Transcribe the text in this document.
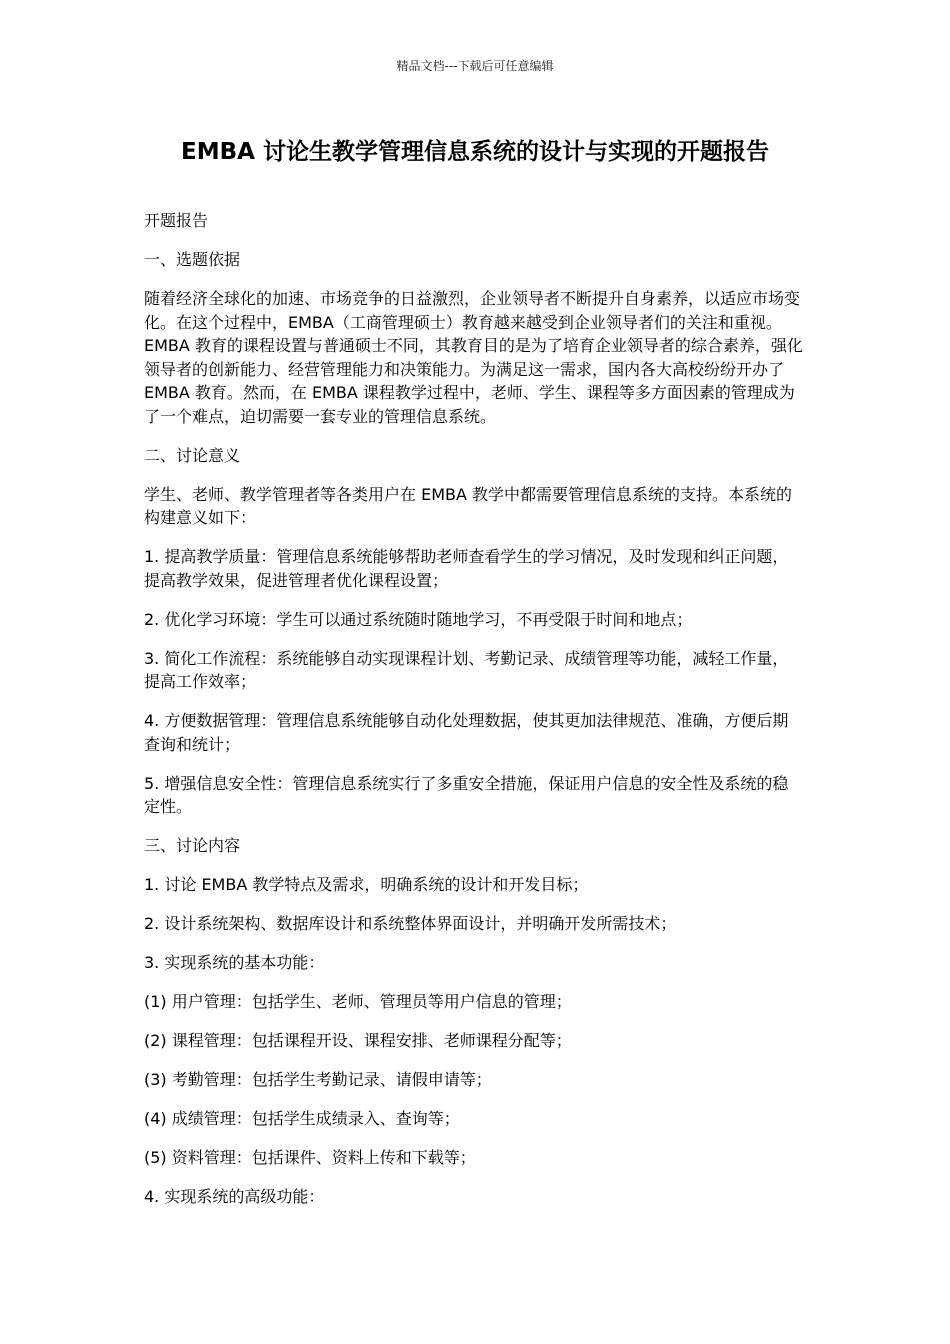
精品文档---下载后可任意编辑
EMBA 讨论生教学管理信息系统的设计与实现的开题报告

开题报告

一、选题依据

随着经济全球化的加速、市场竞争的日益激烈，企业领导者不断提升自身素养，以适应市场变化。在这个过程中，EMBA（工商管理硕士）教育越来越受到企业领导者们的关注和重视。EMBA 教育的课程设置与普通硕士不同，其教育目的是为了培育企业领导者的综合素养，强化领导者的创新能力、经营管理能力和决策能力。为满足这一需求，国内各大高校纷纷开办了 EMBA 教育。然而，在 EMBA 课程教学过程中，老师、学生、课程等多方面因素的管理成为了一个难点，迫切需要一套专业的管理信息系统。

二、讨论意义

学生、老师、教学管理者等各类用户在 EMBA 教学中都需要管理信息系统的支持。本系统的构建意义如下：

1. 提高教学质量：管理信息系统能够帮助老师查看学生的学习情况，及时发现和纠正问题，提高教学效果，促进管理者优化课程设置；

2. 优化学习环境：学生可以通过系统随时随地学习，不再受限于时间和地点；

3. 简化工作流程：系统能够自动实现课程计划、考勤记录、成绩管理等功能，减轻工作量，提高工作效率；

4. 方便数据管理：管理信息系统能够自动化处理数据，使其更加法律规范、准确，方便后期查询和统计；

5. 增强信息安全性：管理信息系统实行了多重安全措施，保证用户信息的安全性及系统的稳定性。

三、讨论内容

1. 讨论 EMBA 教学特点及需求，明确系统的设计和开发目标；

2. 设计系统架构、数据库设计和系统整体界面设计，并明确开发所需技术；

3. 实现系统的基本功能：

(1) 用户管理：包括学生、老师、管理员等用户信息的管理；

(2) 课程管理：包括课程开设、课程安排、老师课程分配等；

(3) 考勤管理：包括学生考勤记录、请假申请等；

(4) 成绩管理：包括学生成绩录入、查询等；

(5) 资料管理：包括课件、资料上传和下载等；

4. 实现系统的高级功能：
